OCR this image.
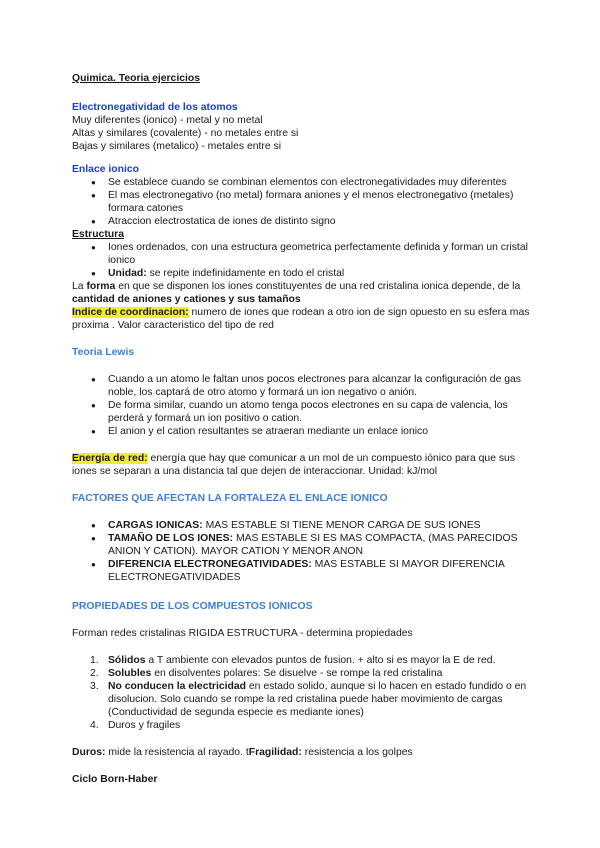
Quimica. Teoria ejercicios

Electronegatividad de los atomos

Muy diferentes (ionico) - metal y no metal

Altas y similares (covalente) - no metales entre si

Bajas y similares (metalico) - metales entre si

Enlace ionico

● Se establece cuando se combinan elementos con electronegatividades muy diferentes
● El mas electronegativo (no metal) formara aniones y el menos electronegativo (metales) formara catones
● Atraccion electrostatica de iones de distinto signo

Estructura

● Iones ordenados, con una estructura geometrica perfectamente definida y forman un cristal ionico
● Unidad: se repite indefinidamente en todo el cristal

La forma en que se disponen los iones constituyentes de una red cristalina ionica depende, de la cantidad de aniones y cationes y sus tamaños

Indice de coordinacion: numero de iones que rodean a otro ion de sign opuesto en su esfera mas proxima . Valor caracteristico del tipo de red

Teoria Lewis

● Cuando a un atomo le faltan unos pocos electrones para alcanzar la configuración de gas noble, los captará de otro atomo y formará un ion negativo o anión.
● De forma similar, cuando un atomo tenga pocos electrones en su capa de valencia, los perderá y formará un ion positivo o cation.
● El anion y el cation resultantes se atraeran mediante un enlace ionico

Energía de red: energía que hay que comunicar a un mol de un compuesto iónico para que sus iones se separan a una distancia tal que dejen de interaccionar. Unidad: kJ/mol

FACTORES QUE AFECTAN LA FORTALEZA EL ENLACE IONICO

● CARGAS IONICAS: MAS ESTABLE SI TIENE MENOR CARGA DE SUS IONES
● TAMAÑO DE LOS IONES: MAS ESTABLE SI ES MAS COMPACTA, (MAS PARECIDOS ANION Y CATION). MAYOR CATION Y MENOR ANON
● DIFERENCIA ELECTRONEGATIVIDADES: MAS ESTABLE SI MAYOR DIFERENCIA ELECTRONEGATIVIDADES

PROPIEDADES DE LOS COMPUESTOS IONICOS

Forman redes cristalinas RIGIDA ESTRUCTURA - determina propiedades

1. Sólidos a T ambiente con elevados puntos de fusion. + alto si es mayor la E de red.
2. Solubles en disolventes polares: Se disuelve - se rompe la red cristalina
3. No conducen la electricidad en estado solido, aunque si lo hacen en estado fundido o en disolucion. Solo cuando se rompe la red cristalina puede haber movimiento de cargas (Conductividad de segunda especie es mediante iones)
4. Duros y fragiles

Duros: mide la resistencia al rayado. tFragilidad: resistencia a los golpes

Ciclo Born-Haber
